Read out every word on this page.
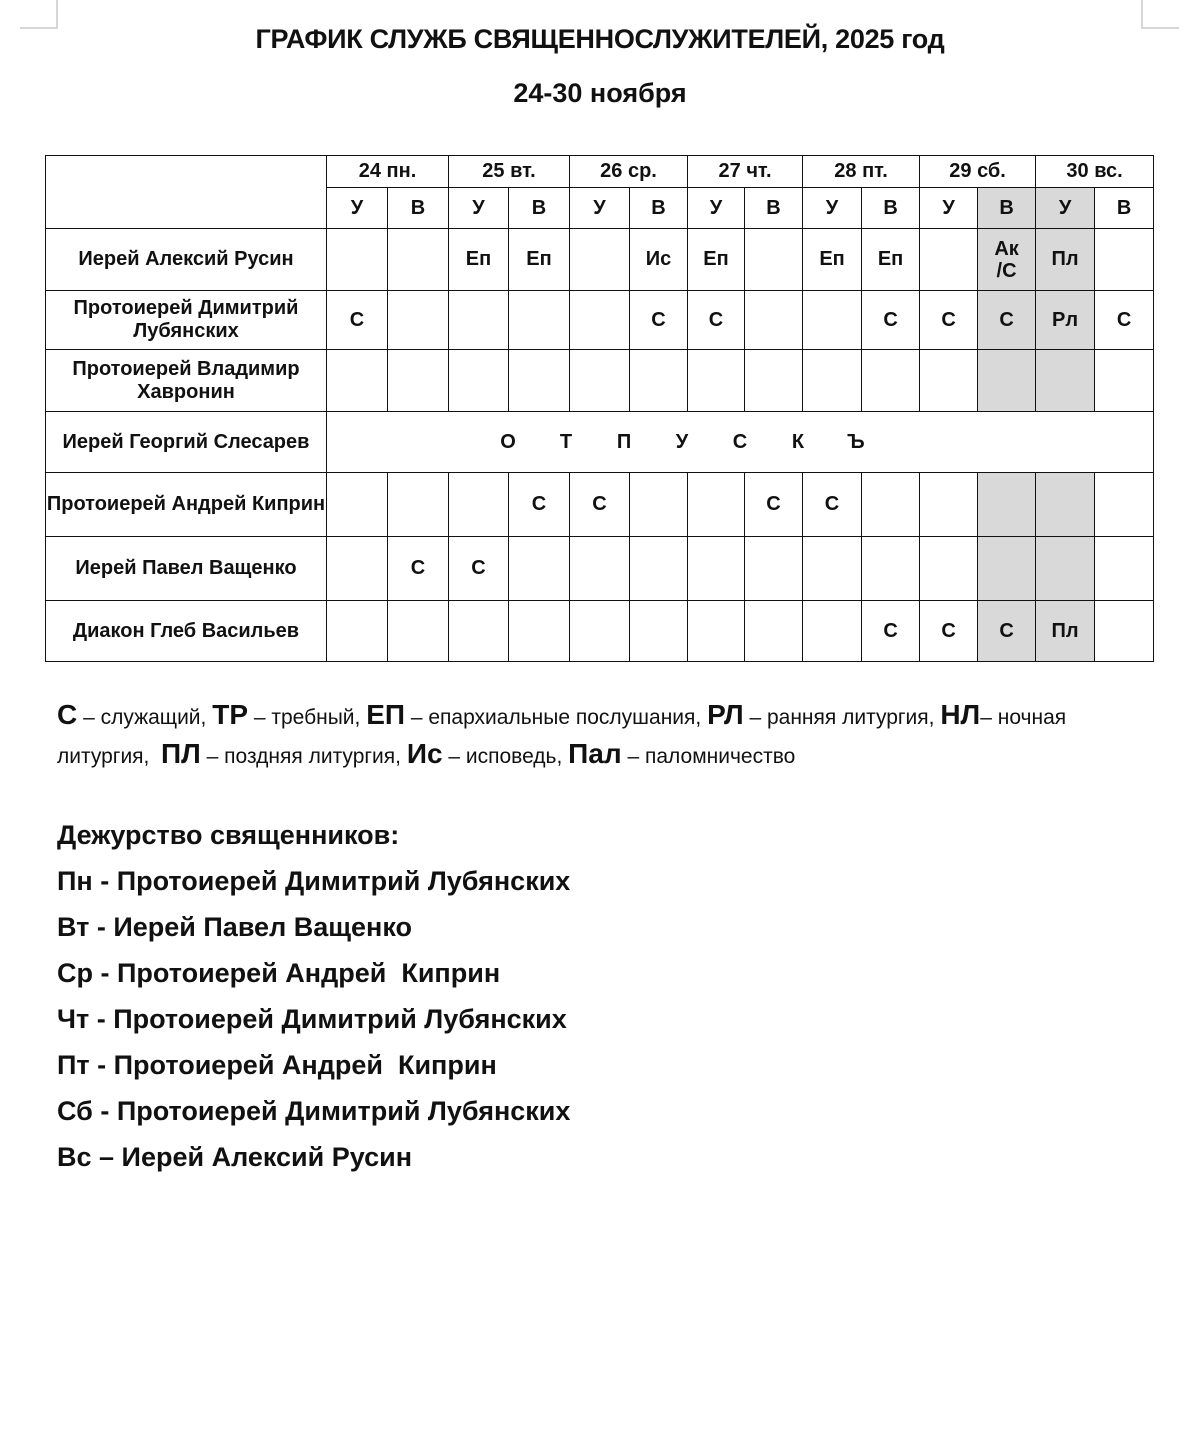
ГРАФИК СЛУЖБ СВЯЩЕННОСЛУЖИТЕЛЕЙ, 2025 год
24-30 ноября
	24 пн.		25 вт.		26 ср.		27 чт.		28 пт.		29 сб.		30 вс.	
	У	В	У	В	У	В	У	В	У	В	У	В	У	В
Иерей Алексий Русин			Еп	Еп		Ис	Еп		Еп	Еп		Ак /С	Пл	
Протоиерей Димитрий Лубянских	С					С	С			С	С	С	Рл	С
Протоиерей Владимир Хавронин														
Иерей Георгий Слесарев	О Т П У С К Ъ													
Протоиерей Андрей Киприн				С	С			С	С					
Иерей Павел Ващенко		С	С											
Диакон Глеб Васильев										С	С	С	Пл	
С – служащий, ТР – требный, ЕП – епархиальные послушания, РЛ – ранняя литургия, НЛ– ночная литургия,  ПЛ – поздняя литургия, Ис – исповедь, Пал – паломничество
Дежурство священников:
Пн - Протоиерей Димитрий Лубянских
Вт - Иерей Павел Ващенко
Ср - Протоиерей Андрей  Киприн
Чт - Протоиерей Димитрий Лубянских
Пт - Протоиерей Андрей  Киприн
Сб - Протоиерей Димитрий Лубянских
Вс – Иерей Алексий Русин
